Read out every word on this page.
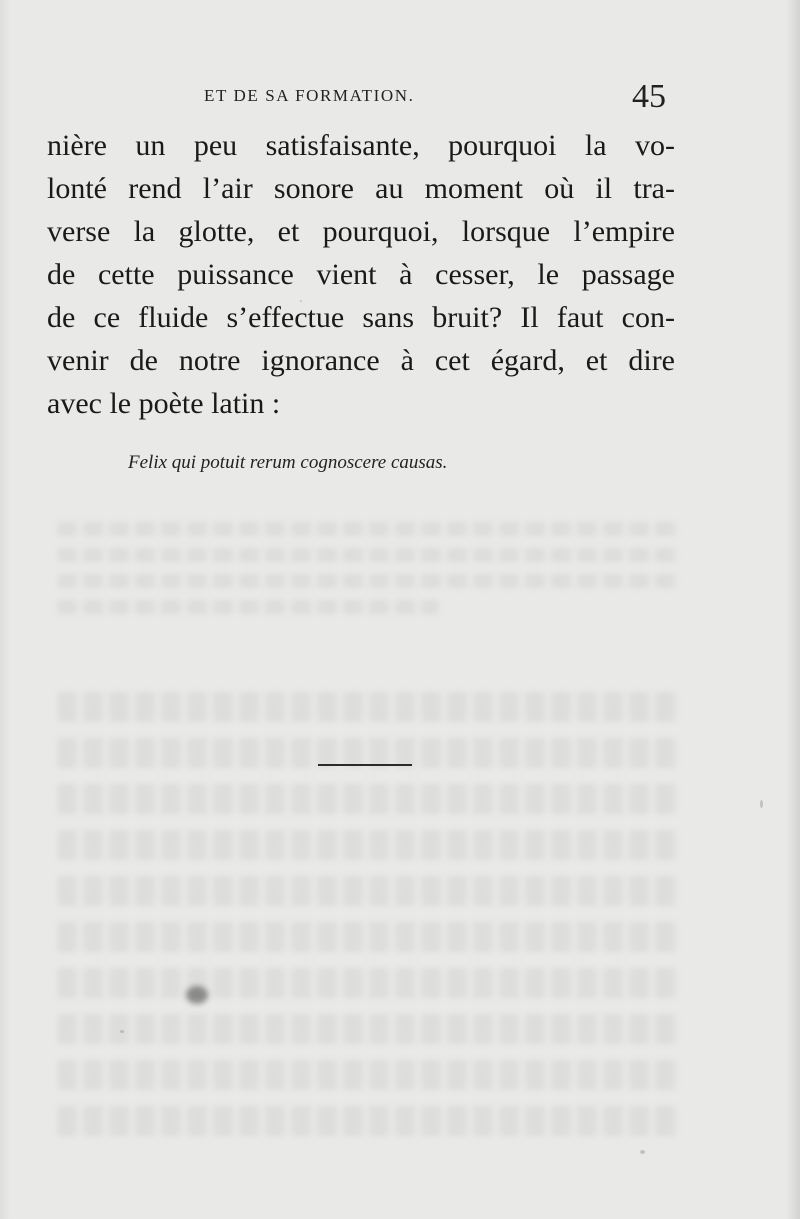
ET DE SA FORMATION.	45
nière un peu satisfaisante, pourquoi la vo-
lonté rend l’air sonore au moment où il tra-
verse la glotte, et pourquoi, lorsque l’empire
de cette puissance vient à cesser, le passage
de ce fluide s’effectue sans bruit? Il faut con-
venir de notre ignorance à cet égard, et dire
avec le poète latin :
Felix qui potuit rerum cognoscere causas.
